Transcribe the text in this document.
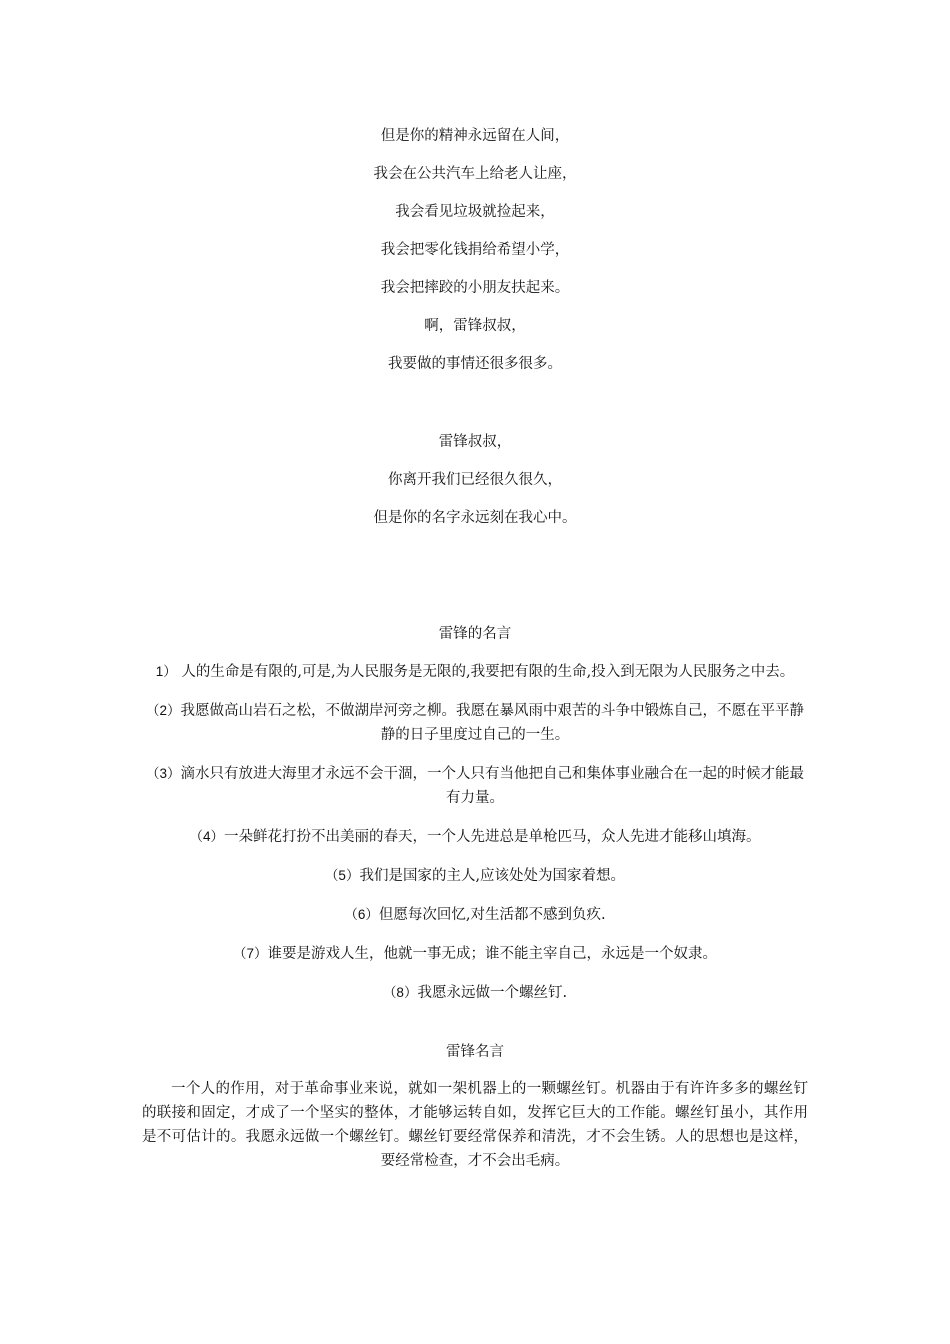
但是你的精神永远留在人间，
我会在公共汽车上给老人让座，
我会看见垃圾就捡起来，
我会把零化钱捐给希望小学，
我会把摔跤的小朋友扶起来。
啊，雷锋叔叔，
我要做的事情还很多很多。
雷锋叔叔，
你离开我们已经很久很久，
但是你的名字永远刻在我心中。
雷锋的名言
1） 人的生命是有限的,可是,为人民服务是无限的,我要把有限的生命,投入到无限为人民服务之中去。
（2）我愿做高山岩石之松，不做湖岸河旁之柳。我愿在暴风雨中艰苦的斗争中锻炼自己，不愿在平平静静的日子里度过自己的一生。
（3）滴水只有放进大海里才永远不会干涸，一个人只有当他把自己和集体事业融合在一起的时候才能最有力量。
（4）一朵鲜花打扮不出美丽的春天，一个人先进总是单枪匹马，众人先进才能移山填海。
（5）我们是国家的主人,应该处处为国家着想。
（6）但愿每次回忆,对生活都不感到负疚.
（7）谁要是游戏人生，他就一事无成；谁不能主宰自己，永远是一个奴隶。
（8）我愿永远做一个螺丝钉.
雷锋名言
一个人的作用，对于革命事业来说，就如一架机器上的一颗螺丝钉。机器由于有许许多多的螺丝钉的联接和固定，才成了一个坚实的整体，才能够运转自如，发挥它巨大的工作能。螺丝钉虽小，其作用是不可估计的。我愿永远做一个螺丝钉。螺丝钉要经常保养和清洗，才不会生锈。人的思想也是这样，要经常检查，才不会出毛病。
